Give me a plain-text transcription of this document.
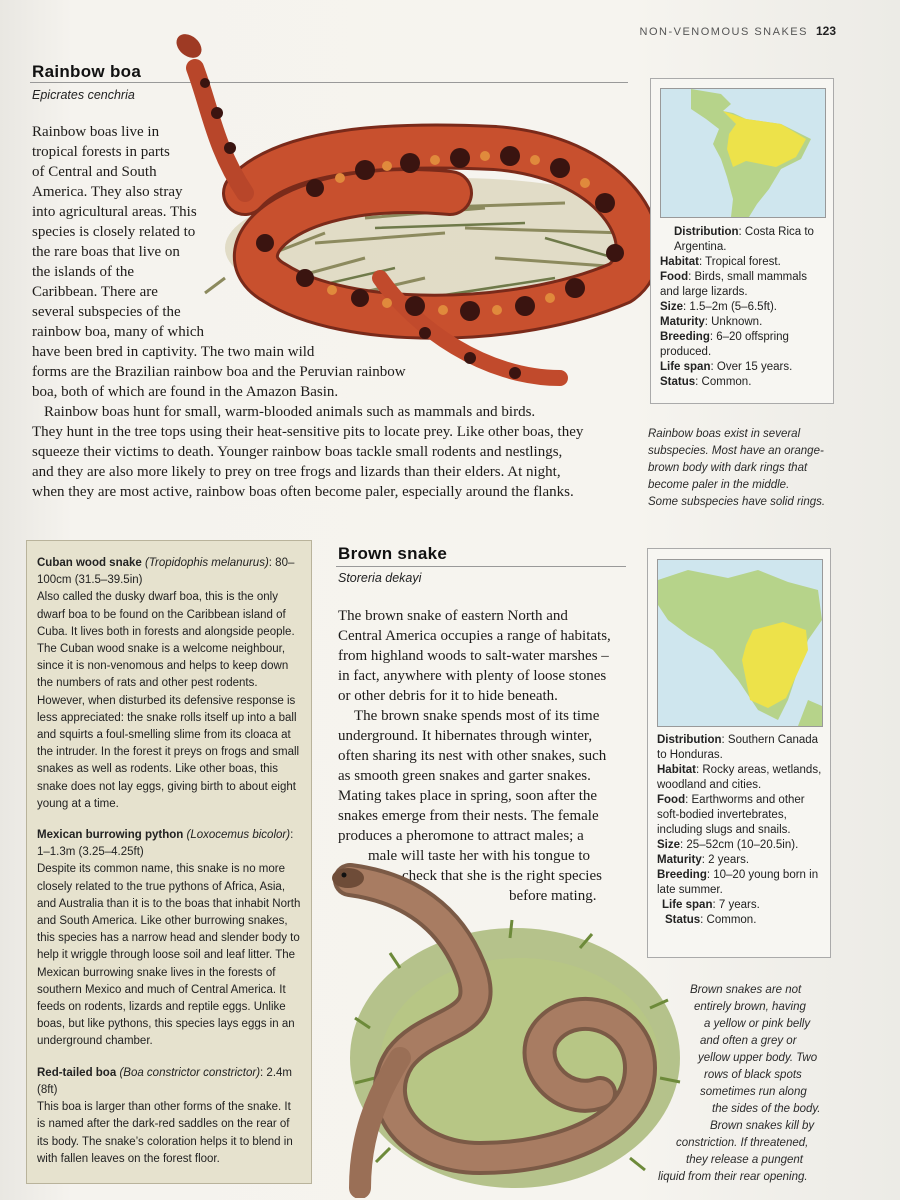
NON-VENOMOUS SNAKES 123
Rainbow boa
Epicrates cenchria

Rainbow boas live in

tropical forests in parts

of Central and South

America. They also stray

into agricultural areas. This

species is closely related to

the rare boas that live on

the islands of the

Caribbean. There are

several subspecies of the

rainbow boa, many of which

have been bred in captivity. The two main wild

forms are the Brazilian rainbow boa and the Peruvian rainbow

boa, both of which are found in the Amazon Basin.

Rainbow boas hunt for small, warm-blooded animals such as mammals and birds.

They hunt in the tree tops using their heat-sensitive pits to locate prey. Like other boas, they

squeeze their victims to death. Younger rainbow boas tackle small rodents and nestlings,

and they are also more likely to prey on tree frogs and lizards than their elders. At night,

when they are most active, rainbow boas often become paler, especially around the flanks.

Distribution: Costa Rica to Argentina.
Habitat: Tropical forest.
Food: Birds, small mammals and large lizards.
Size: 1.5–2m (5–6.5ft).
Maturity: Unknown.
Breeding: 6–20 offspring produced.
Life span: Over 15 years.
Status: Common.
Rainbow boas exist in several
subspecies. Most have an orange-
brown body with dark rings that
become paler in the middle.
Some subspecies have solid rings.
Cuban wood snake (Tropidophis melanurus): 80–100cm (31.5–39.5in)
Also called the dusky dwarf boa, this is the only dwarf boa to be found on the Caribbean island of Cuba. It lives both in forests and alongside people. The Cuban wood snake is a welcome neighbour, since it is non-venomous and helps to keep down the numbers of rats and other pest rodents. However, when disturbed its defensive response is less appreciated: the snake rolls itself up into a ball and squirts a foul-smelling slime from its cloaca at the intruder. In the forest it preys on frogs and small snakes as well as rodents. Like other boas, this snake does not lay eggs, giving birth to about eight young at a time.
Mexican burrowing python (Loxocemus bicolor): 1–1.3m (3.25–4.25ft)
Despite its common name, this snake is no more closely related to the true pythons of Africa, Asia, and Australia than it is to the boas that inhabit North and South America. Like other burrowing snakes, this species has a narrow head and slender body to help it wriggle through loose soil and leaf litter. The Mexican burrowing snake lives in the forests of southern Mexico and much of Central America. It feeds on rodents, lizards and reptile eggs. Unlike boas, but like pythons, this species lays eggs in an underground chamber.
Red-tailed boa (Boa constrictor constrictor): 2.4m (8ft)
This boa is larger than other forms of the snake. It is named after the dark-red saddles on the rear of its body. The snake’s coloration helps it to blend in with fallen leaves on the forest floor.
Brown snake
Storeria dekayi

The brown snake of eastern North and

Central America occupies a range of habitats,

from highland woods to salt-water marshes –

in fact, anywhere with plenty of loose stones

or other debris for it to hide beneath.

The brown snake spends most of its time

underground. It hibernates through winter,

often sharing its nest with other snakes, such

as smooth green snakes and garter snakes.

Mating takes place in spring, soon after the

snakes emerge from their nests. The female

produces a pheromone to attract males; a

male will taste her with his tongue to

check that she is the right species

before mating.

Distribution: Southern Canada to Honduras.
Habitat: Rocky areas, wetlands, woodland and cities.
Food: Earthworms and other soft-bodied invertebrates, including slugs and snails.
Size: 25–52cm (10–20.5in).
Maturity: 2 years.
Breeding: 10–20 young born in late summer.
Life span: 7 years.
Status: Common.
Brown snakes are not
entirely brown, having
a yellow or pink belly
and often a grey or
yellow upper body. Two
rows of black spots
sometimes run along
the sides of the body.
Brown snakes kill by
constriction. If threatened,
they release a pungent
liquid from their rear opening.
